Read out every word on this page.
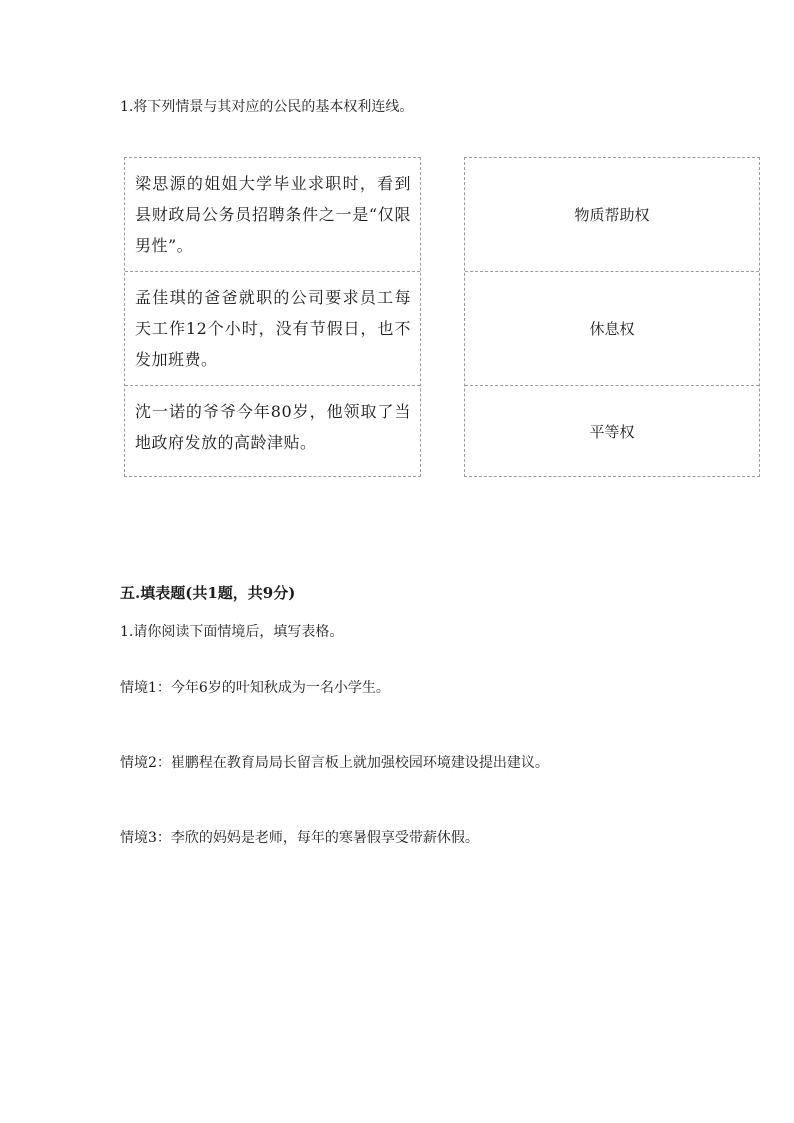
1.将下列情景与其对应的公民的基本权利连线。
梁思源的姐姐大学毕业求职时，看到县财政局公务员招聘条件之一是“仅限男性”。
孟佳琪的爸爸就职的公司要求员工每天工作12个小时，没有节假日，也不发加班费。
沈一诺的爷爷今年80岁，他领取了当地政府发放的高龄津贴。
物质帮助权
休息权
平等权
五.填表题(共1题，共9分)
1.请你阅读下面情境后，填写表格。
情境1：今年6岁的叶知秋成为一名小学生。
情境2：崔鹏程在教育局局长留言板上就加强校园环境建设提出建议。
情境3：李欣的妈妈是老师，每年的寒暑假享受带薪休假。
